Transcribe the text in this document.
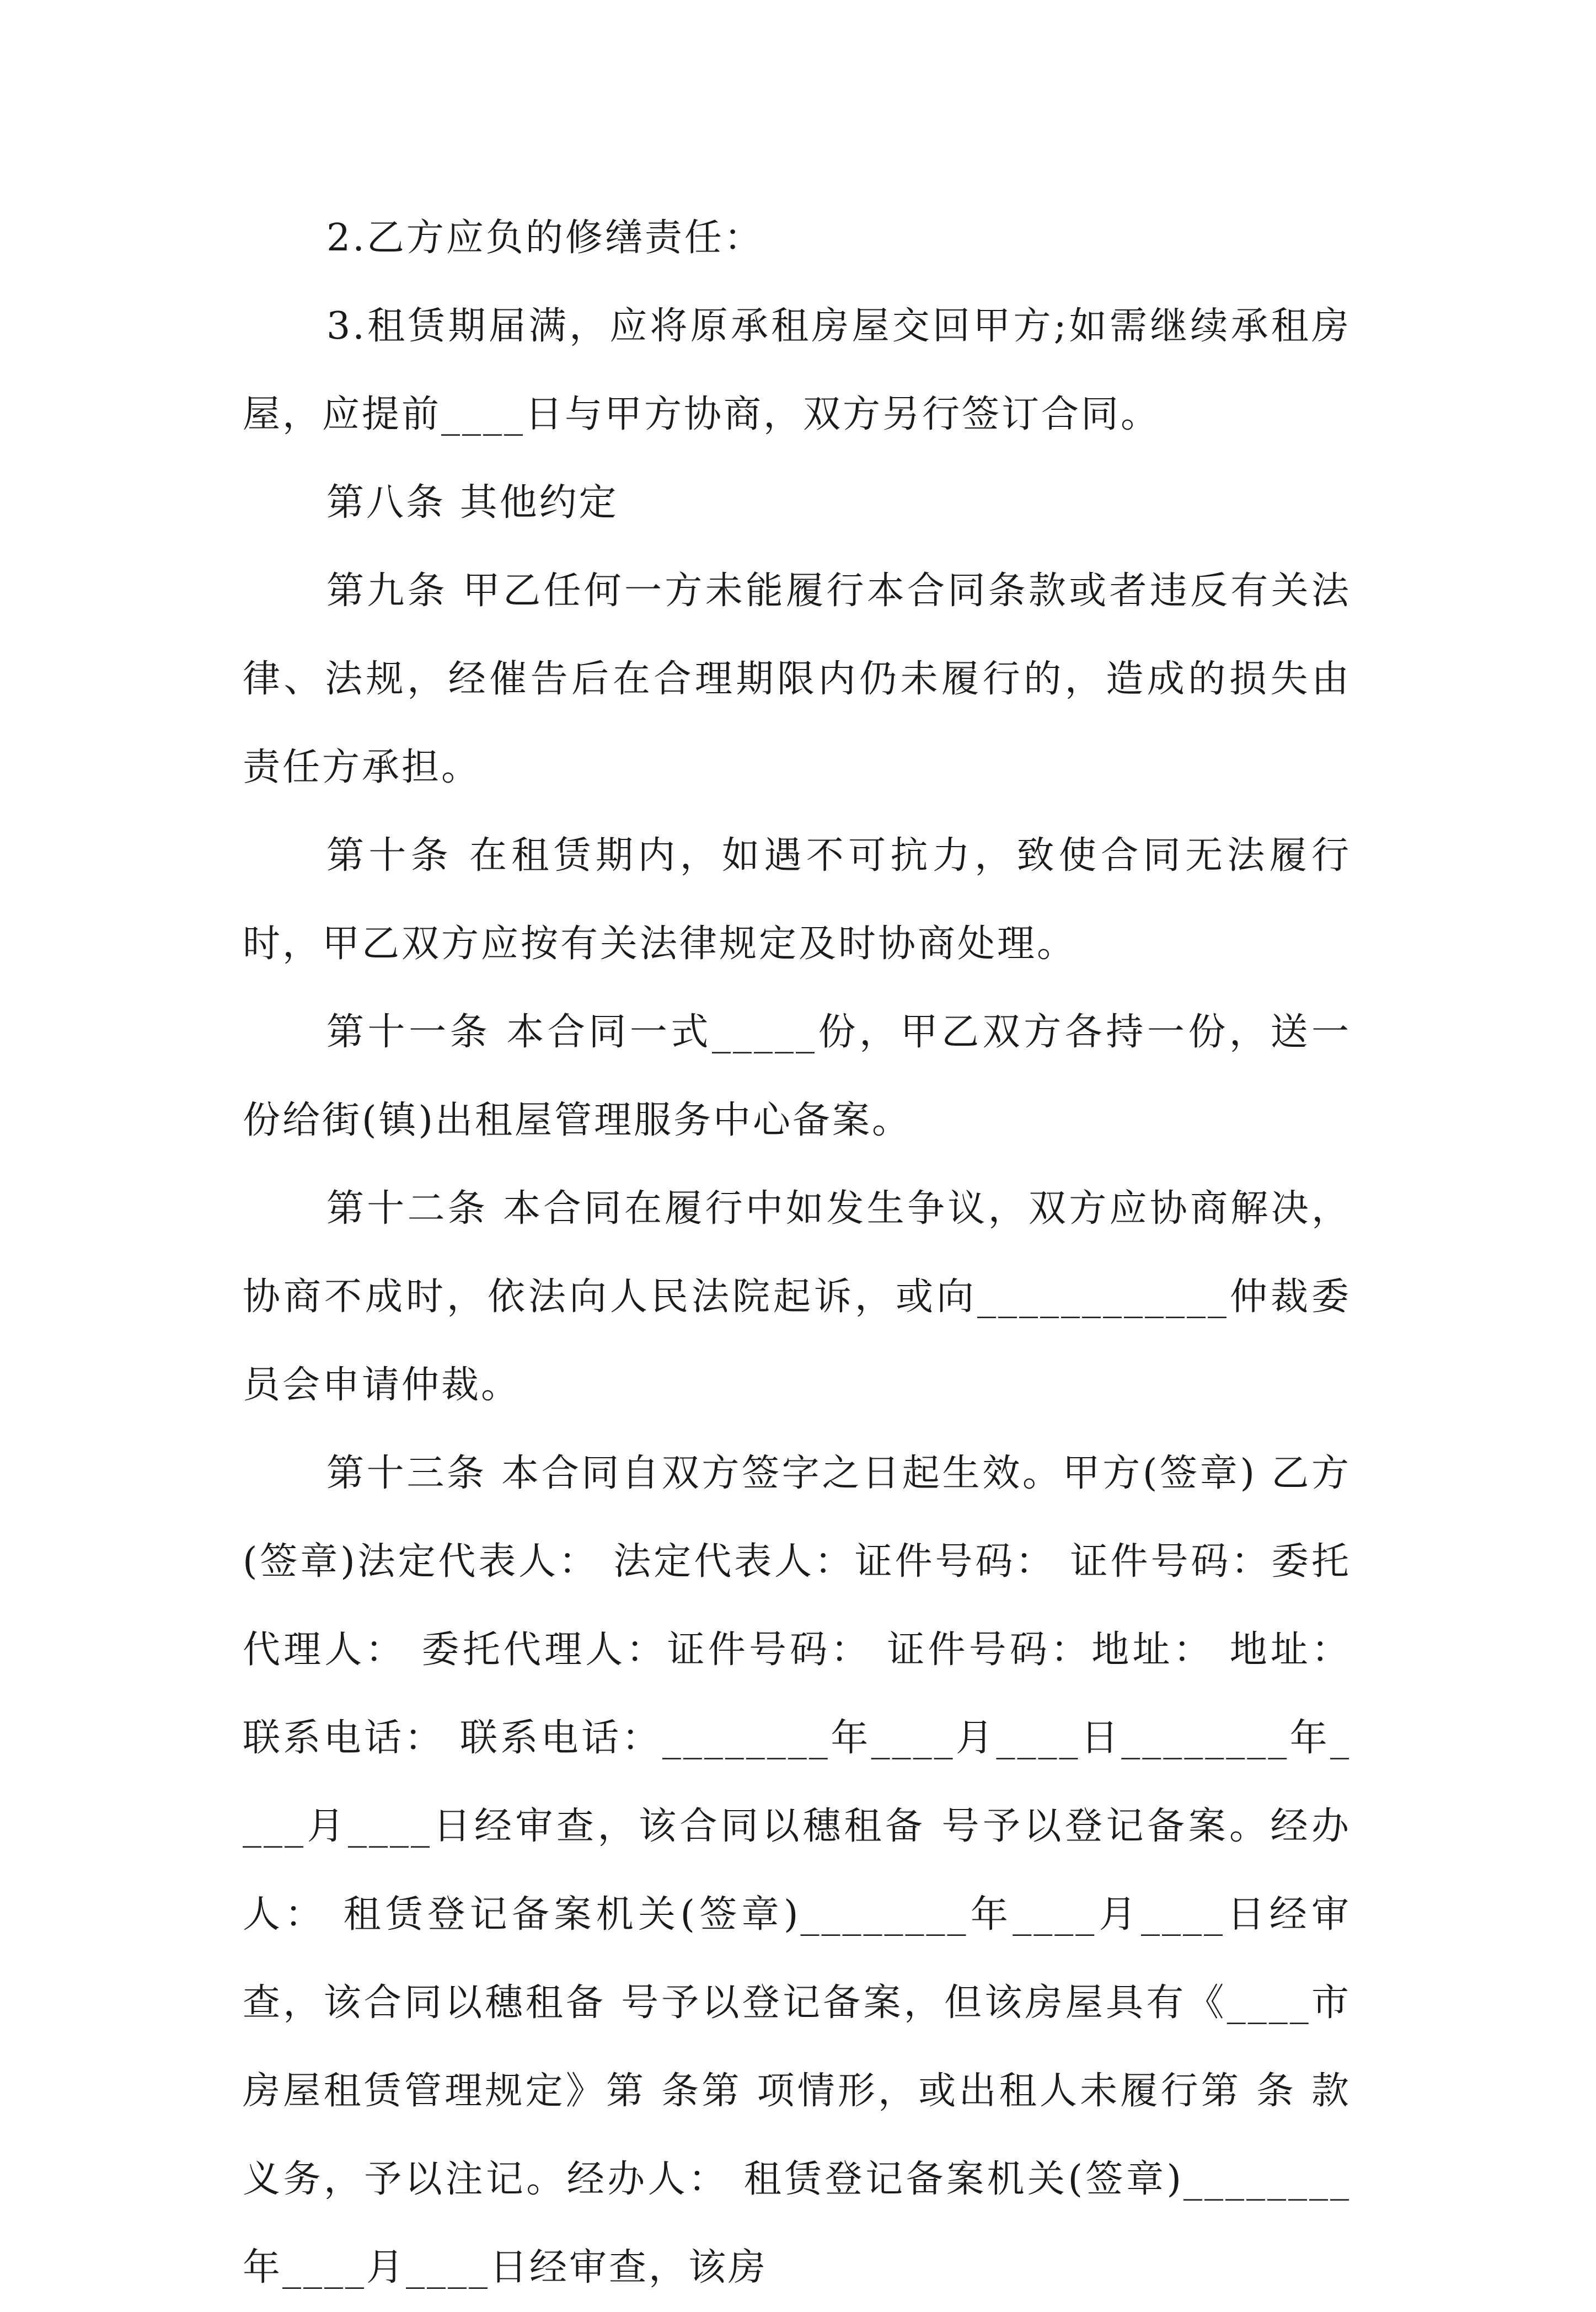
2.乙方应负的修缮责任：

3.租赁期届满，应将原承租房屋交回甲方;如需继续承租房屋，应提前____日与甲方协商，双方另行签订合同。

第八条 其他约定

第九条 甲乙任何一方未能履行本合同条款或者违反有关法律、法规，经催告后在合理期限内仍未履行的，造成的损失由责任方承担。

第十条 在租赁期内，如遇不可抗力，致使合同无法履行时，甲乙双方应按有关法律规定及时协商处理。

第十一条 本合同一式_____份，甲乙双方各持一份，送一份给街(镇)出租屋管理服务中心备案。

第十二条 本合同在履行中如发生争议，双方应协商解决，协商不成时，依法向人民法院起诉，或向____________仲裁委员会申请仲裁。

第十三条 本合同自双方签字之日起生效。甲方(签章) 乙方(签章)法定代表人： 法定代表人：证件号码： 证件号码：委托代理人： 委托代理人：证件号码： 证件号码：地址： 地址：联系电话： 联系电话：________年____月____日________年____月____日经审查，该合同以穗租备 号予以登记备案。经办人： 租赁登记备案机关(签章)________年____月____日经审查，该合同以穗租备 号予以登记备案，但该房屋具有《____市房屋租赁管理规定》第 条第 项情形，或出租人未履行第 条 款义务，予以注记。经办人： 租赁登记备案机关(签章)________年____月____日经审查，该房
